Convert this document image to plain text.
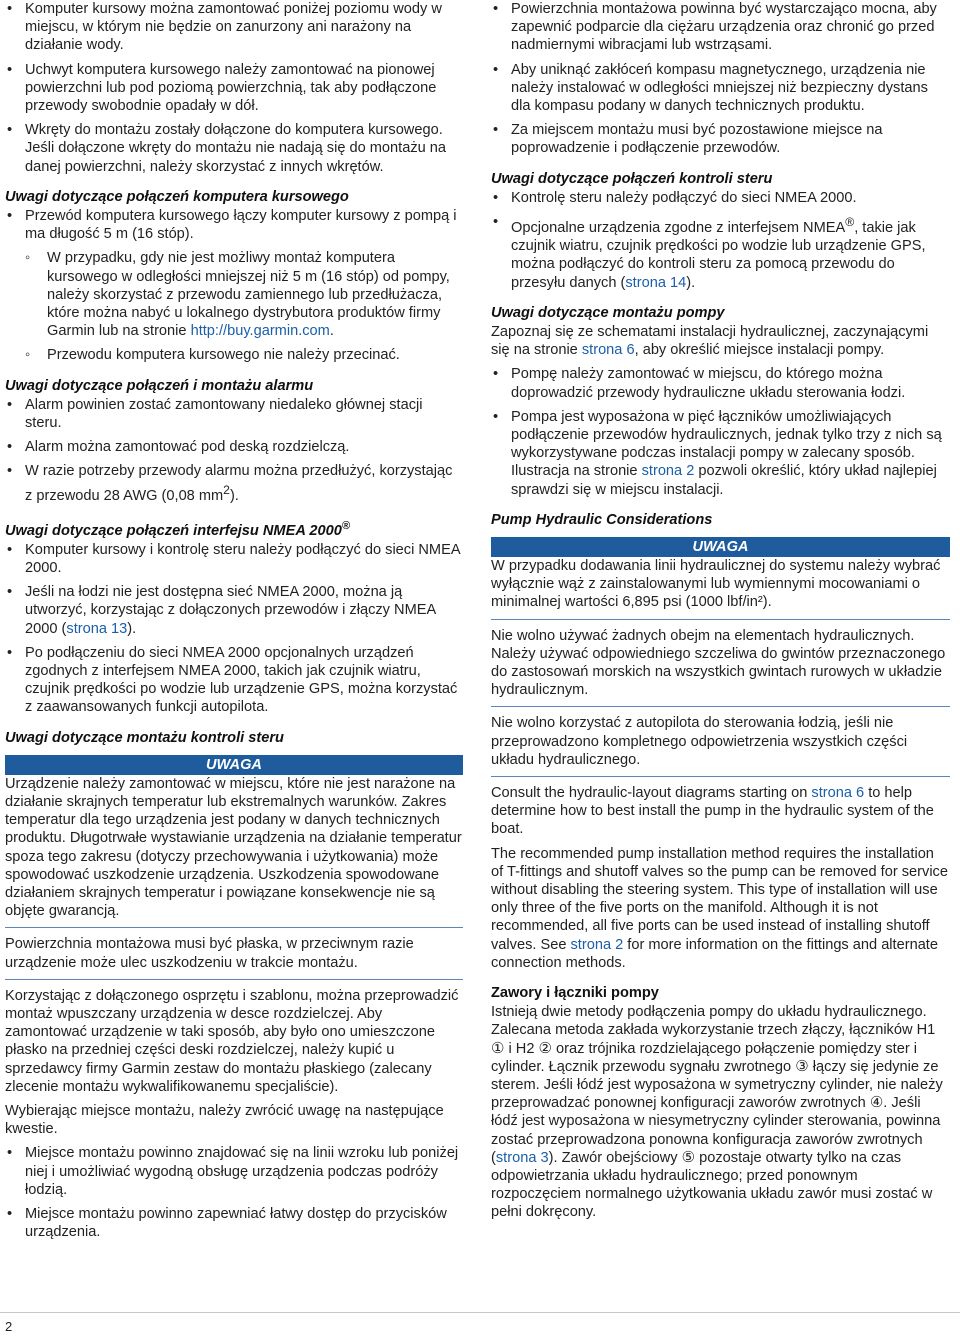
• Komputer kursowy można zamontować poniżej poziomu wody w miejscu, w którym nie będzie on zanurzony ani narażony na działanie wody.
• Uchwyt komputera kursowego należy zamontować na pionowej powierzchni lub pod poziomą powierzchnią, tak aby podłączone przewody swobodnie opadały w dół.
• Wkręty do montażu zostały dołączone do komputera kursowego. Jeśli dołączone wkręty do montażu nie nadają się do montażu na danej powierzchni, należy skorzystać z innych wkrętów.
Uwagi dotyczące połączeń komputera kursowego
• Przewód komputera kursowego łączy komputer kursowy z pompą i ma długość 5 m (16 stóp).
◦ W przypadku, gdy nie jest możliwy montaż komputera kursowego w odległości mniejszej niż 5 m (16 stóp) od pompy, należy skorzystać z przewodu zamiennego lub przedłużacza, które można nabyć u lokalnego dystrybutora produktów firmy Garmin lub na stronie http://buy.garmin.com.
◦ Przewodu komputera kursowego nie należy przecinać.
Uwagi dotyczące połączeń i montażu alarmu
• Alarm powinien zostać zamontowany niedaleko głównej stacji steru.
• Alarm można zamontować pod deską rozdzielczą.
• W razie potrzeby przewody alarmu można przedłużyć, korzystając z przewodu 28 AWG (0,08 $mm^2$).
Uwagi dotyczące połączeń interfejsu NMEA 2000®
• Komputer kursowy i kontrolę steru należy podłączyć do sieci NMEA 2000.
• Jeśli na łodzi nie jest dostępna sieć NMEA 2000, można ją utworzyć, korzystając z dołączonych przewodów i złączy NMEA 2000 (strona 13).
• Po podłączeniu do sieci NMEA 2000 opcjonalnych urządzeń zgodnych z interfejsem NMEA 2000, takich jak czujnik wiatru, czujnik prędkości po wodzie lub urządzenie GPS, można korzystać z zaawansowanych funkcji autopilota.
Uwagi dotyczące montażu kontroli steru
UWAGA

Urządzenie należy zamontować w miejscu, które nie jest narażone na działanie skrajnych temperatur lub ekstremalnych warunków. Zakres temperatur dla tego urządzenia jest podany w danych technicznych produktu. Długotrwałe wystawianie urządzenia na działanie temperatur spoza tego zakresu (dotyczy przechowywania i użytkowania) może spowodować uszkodzenie urządzenia. Uszkodzenia spowodowane działaniem skrajnych temperatur i powiązane konsekwencje nie są objęte gwarancją.

Powierzchnia montażowa musi być płaska, w przeciwnym razie urządzenie może ulec uszkodzeniu w trakcie montażu.

Korzystając z dołączonego osprzętu i szablonu, można przeprowadzić montaż wpuszczany urządzenia w desce rozdzielczej. Aby zamontować urządzenie w taki sposób, aby było ono umieszczone płasko na przedniej części deski rozdzielczej, należy kupić u sprzedawcy firmy Garmin zestaw do montażu płaskiego (zalecany zlecenie montażu wykwalifikowanemu specjaliście).

Wybierając miejsce montażu, należy zwrócić uwagę na następujące kwestie.

• Miejsce montażu powinno znajdować się na linii wzroku lub poniżej niej i umożliwiać wygodną obsługę urządzenia podczas podróży łodzią.
• Miejsce montażu powinno zapewniać łatwy dostęp do przycisków urządzenia.
• Powierzchnia montażowa powinna być wystarczająco mocna, aby zapewnić podparcie dla ciężaru urządzenia oraz chronić go przed nadmiernymi wibracjami lub wstrząsami.
• Aby uniknąć zakłóceń kompasu magnetycznego, urządzenia nie należy instalować w odległości mniejszej niż bezpieczny dystans dla kompasu podany w danych technicznych produktu.
• Za miejscem montażu musi być pozostawione miejsce na poprowadzenie i podłączenie przewodów.
Uwagi dotyczące połączeń kontroli steru
• Kontrolę steru należy podłączyć do sieci NMEA 2000.
• Opcjonalne urządzenia zgodne z interfejsem NMEA®, takie jak czujnik wiatru, czujnik prędkości po wodzie lub urządzenie GPS, można podłączyć do kontroli steru za pomocą przewodu do przesyłu danych (strona 14).
Uwagi dotyczące montażu pompy

Zapoznaj się ze schematami instalacji hydraulicznej, zaczynającymi się na stronie strona 6, aby określić miejsce instalacji pompy.

• Pompę należy zamontować w miejscu, do którego można doprowadzić przewody hydrauliczne układu sterowania łodzi.
• Pompa jest wyposażona w pięć łączników umożliwiających podłączenie przewodów hydraulicznych, jednak tylko trzy z nich są wykorzystywane podczas instalacji pompy w zalecany sposób. Ilustracja na stronie strona 2 pozwoli określić, który układ najlepiej sprawdzi się w miejscu instalacji.
Pump Hydraulic Considerations
UWAGA

W przypadku dodawania linii hydraulicznej do systemu należy wybrać wyłącznie wąż z zainstalowanymi lub wymiennymi mocowaniami o minimalnej wartości 6,895 psi (1000 lbf/in²).

Nie wolno używać żadnych obejm na elementach hydraulicznych. Należy używać odpowiedniego szczeliwa do gwintów przeznaczonego do zastosowań morskich na wszystkich gwintach rurowych w układzie hydraulicznym.

Nie wolno korzystać z autopilota do sterowania łodzią, jeśli nie przeprowadzono kompletnego odpowietrzenia wszystkich części układu hydraulicznego.

Consult the hydraulic-layout diagrams starting on strona 6 to help determine how to best install the pump in the hydraulic system of the boat.

The recommended pump installation method requires the installation of T-fittings and shutoff valves so the pump can be removed for service without disabling the steering system. This type of installation will use only three of the five ports on the manifold. Although it is not recommended, all five ports can be used instead of installing shutoff valves. See strona 2 for more information on the fittings and alternate connection methods.

Zawory i łączniki pompy

Istnieją dwie metody podłączenia pompy do układu hydraulicznego. Zalecana metoda zakłada wykorzystanie trzech złączy, łączników H1 ① i H2 ② oraz trójnika rozdzielającego połączenie pomiędzy ster i cylinder. Łącznik przewodu sygnału zwrotnego ③ łączy się jedynie ze sterem. Jeśli łódź jest wyposażona w symetryczny cylinder, nie należy przeprowadzać ponownej konfiguracji zaworów zwrotnych ④. Jeśli łódź jest wyposażona w niesymetryczny cylinder sterowania, powinna zostać przeprowadzona ponowna konfiguracja zaworów zwrotnych (strona 3). Zawór obejściowy ⑤ pozostaje otwarty tylko na czas odpowietrzania układu hydraulicznego; przed ponownym rozpoczęciem normalnego użytkowania układu zawór musi zostać w pełni dokręcony.

2
